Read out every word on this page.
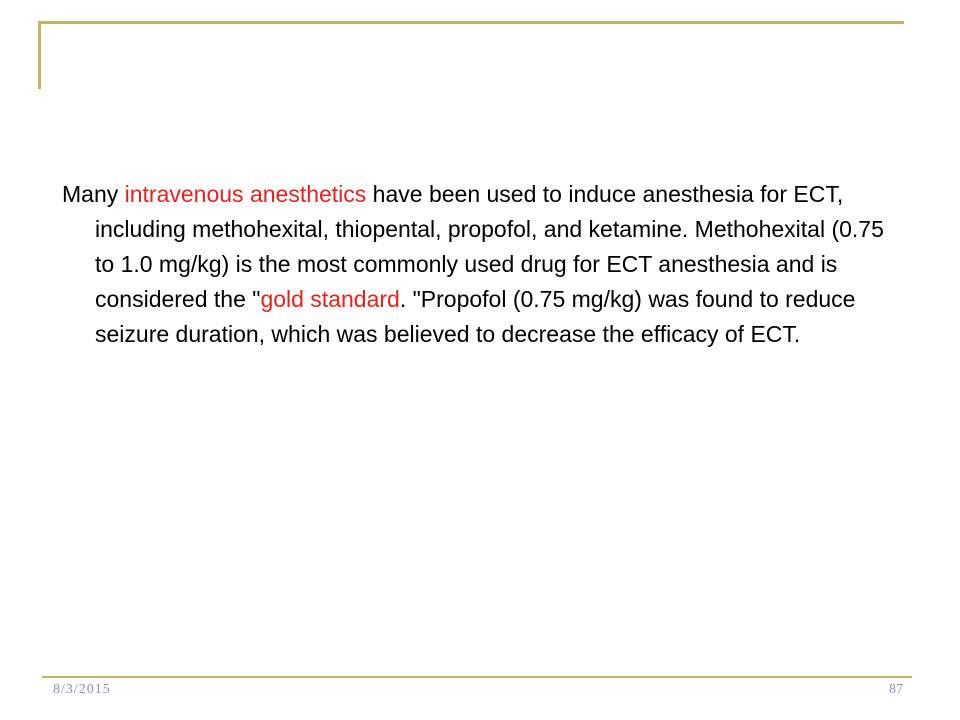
Many intravenous anesthetics have been used to induce anesthesia for ECT, including methohexital, thiopental, propofol, and ketamine. Methohexital (0.75 to 1.0 mg/kg) is the most commonly used drug for ECT anesthesia and is considered the "gold standard. "Propofol (0.75 mg/kg) was found to reduce seizure duration, which was believed to decrease the efficacy of ECT.

8/3/2015	87
